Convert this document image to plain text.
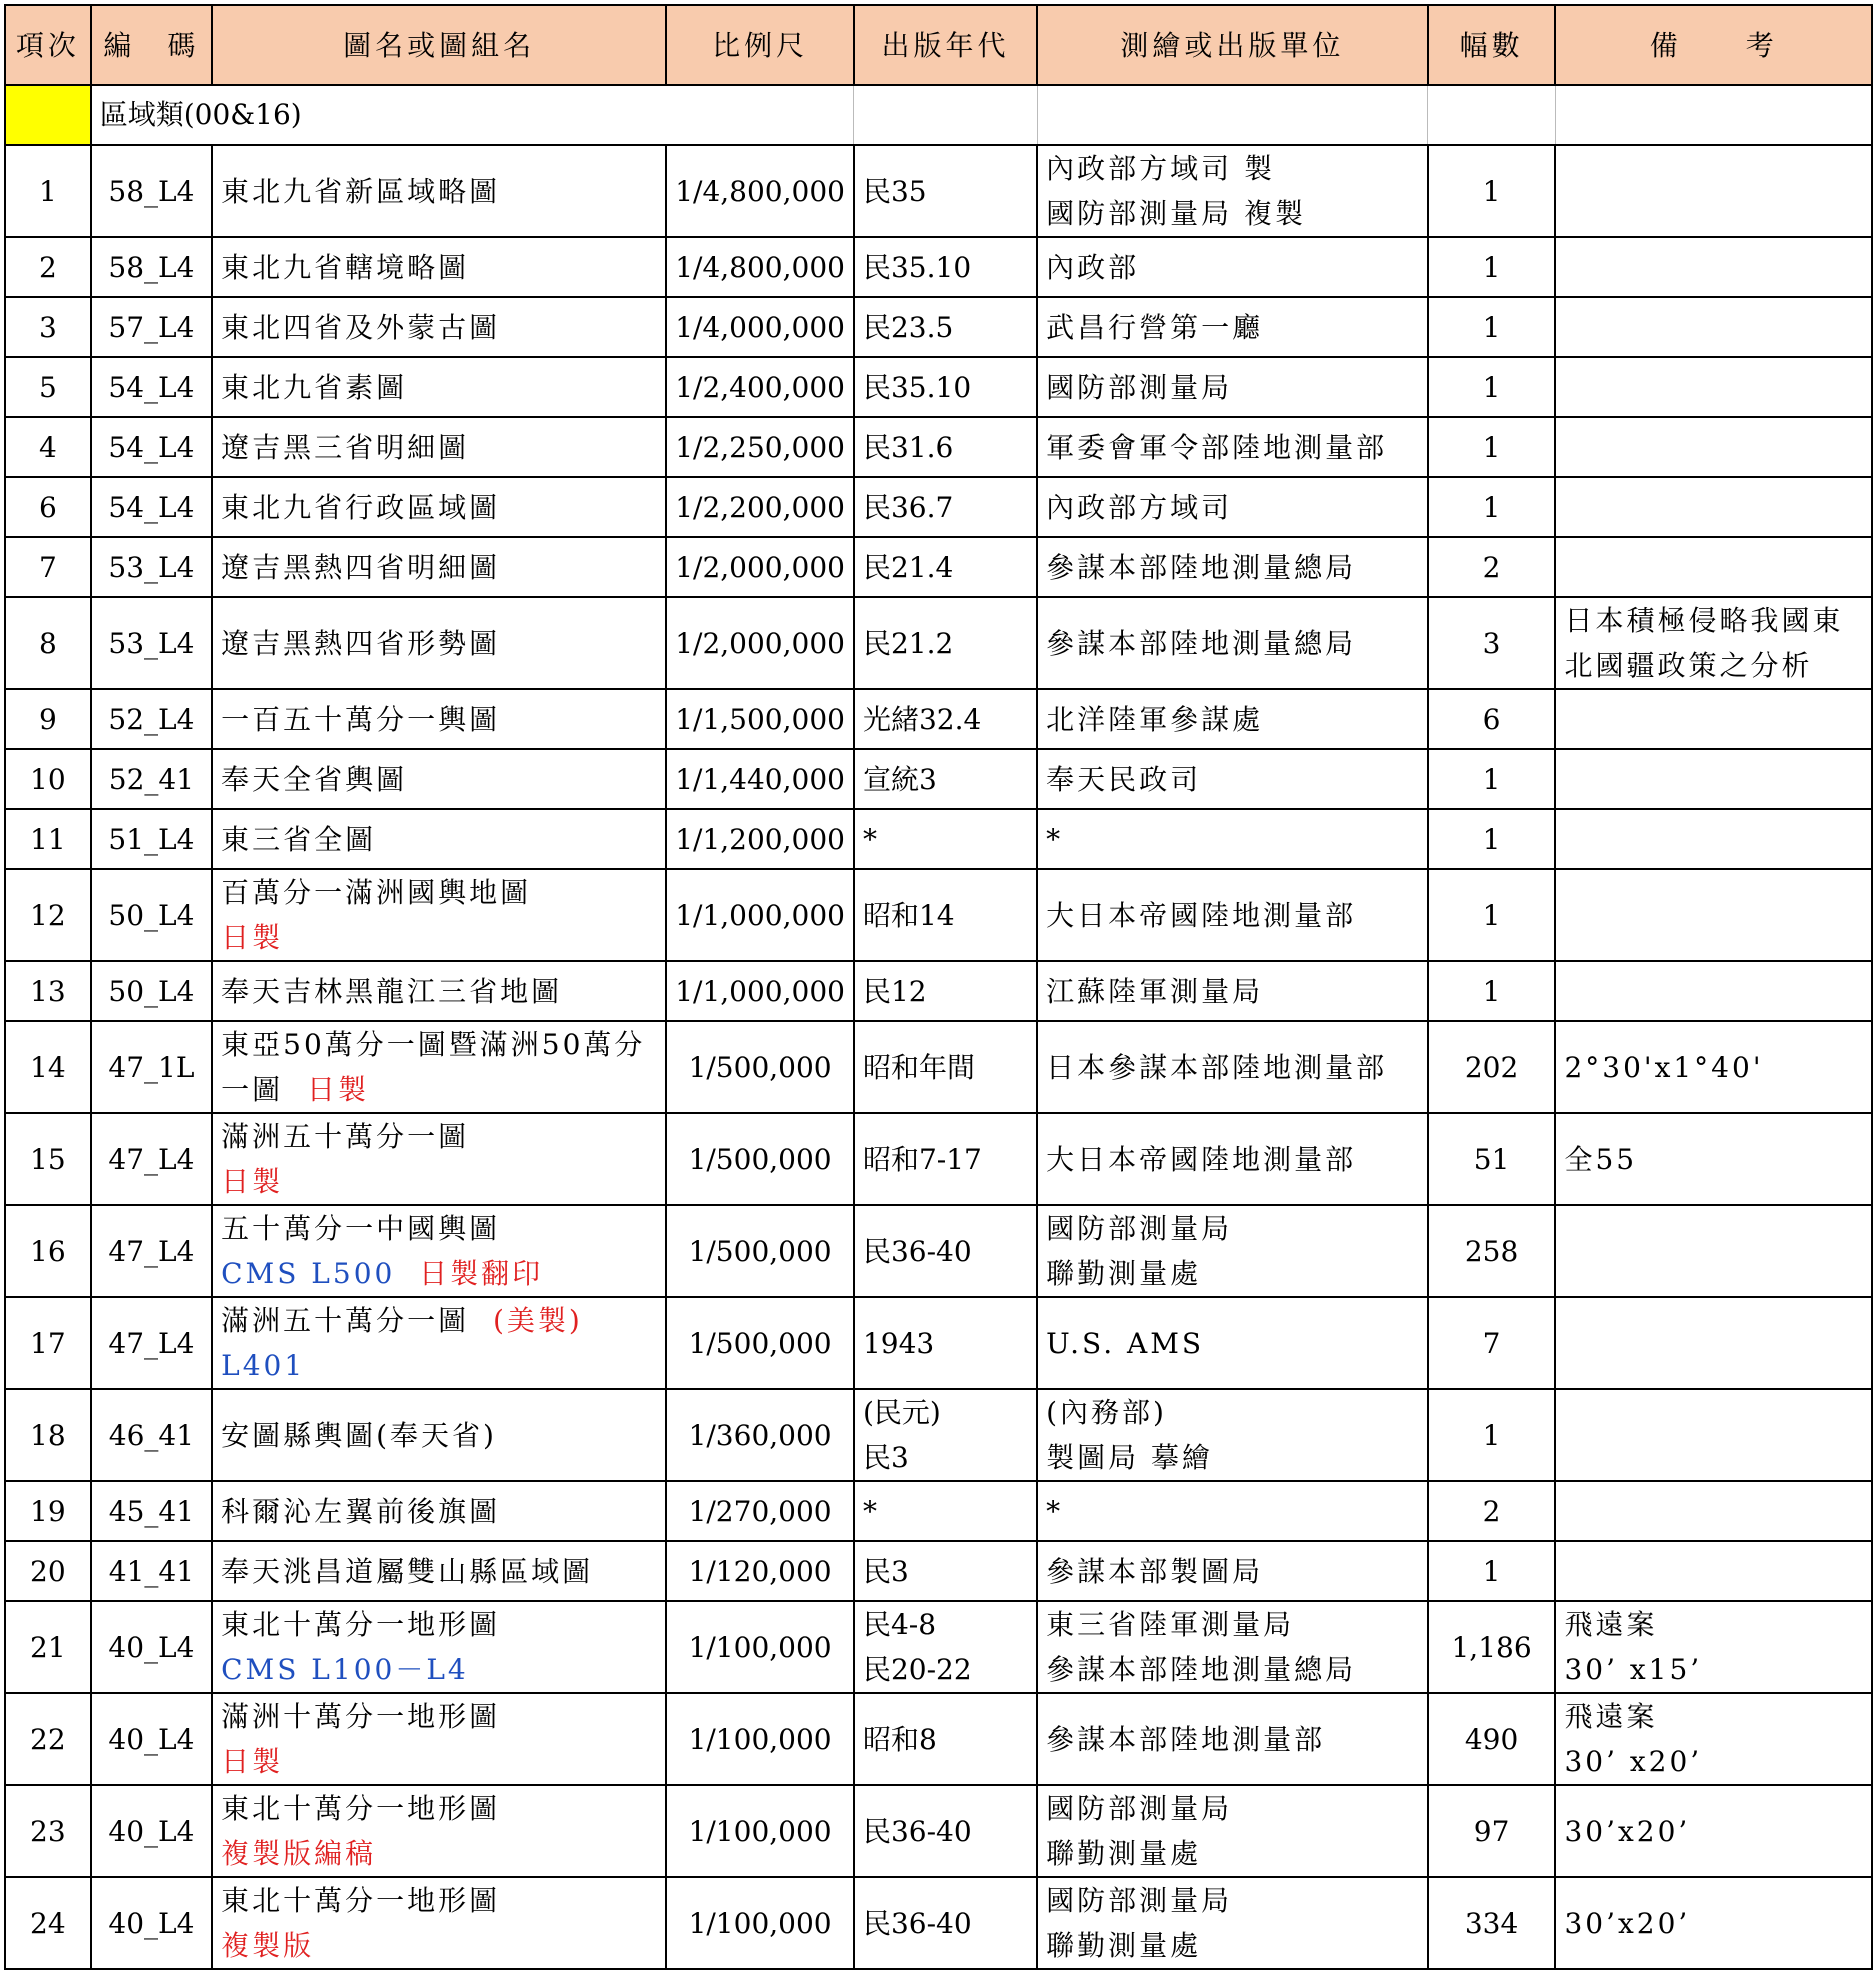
項次	編　碼	圖名或圖組名	比例尺	出版年代	測繪或出版單位	幅數	備　　考
	區域類(00&16)						
1	58_L4	東北九省新區域略圖	1/4,800,000	民35	內政部方域司 製
國防部測量局 複製	1	
2	58_L4	東北九省轄境略圖	1/4,800,000	民35.10	內政部	1	
3	57_L4	東北四省及外蒙古圖	1/4,000,000	民23.5	武昌行營第一廳	1	
5	54_L4	東北九省素圖	1/2,400,000	民35.10	國防部測量局	1	
4	54_L4	遼吉黑三省明細圖	1/2,250,000	民31.6	軍委會軍令部陸地測量部	1	
6	54_L4	東北九省行政區域圖	1/2,200,000	民36.7	內政部方域司	1	
7	53_L4	遼吉黑熱四省明細圖	1/2,000,000	民21.4	參謀本部陸地測量總局	2	
8	53_L4	遼吉黑熱四省形勢圖	1/2,000,000	民21.2	參謀本部陸地測量總局	3	日本積極侵略我國東
北國疆政策之分析

9	52_L4	一百五十萬分一輿圖	1/1,500,000	光緒32.4	北洋陸軍參謀處	6	
10	52_41	奉天全省輿圖	1/1,440,000	宣統3	奉天民政司	1	
11	51_L4	東三省全圖	1/1,200,000	*	*	1	
12	50_L4	百萬分一滿洲國輿地圖
日製	1/1,000,000	昭和14	大日本帝國陸地測量部	1	
13	50_L4	奉天吉林黑龍江三省地圖	1/1,000,000	民12	江蘇陸軍測量局	1	
14	47_1L	東亞50萬分一圖暨滿洲50萬分
一圖 日製	1/500,000	昭和年間	日本參謀本部陸地測量部	202	2°30'x1°40'

15	47_L4	滿洲五十萬分一圖
日製	1/500,000	昭和7-17	大日本帝國陸地測量部	51	全55

16	47_L4	五十萬分一中國輿圖
CMS L500 日製翻印	1/500,000	民36-40	國防部測量局
聯勤測量處	258	
17	47_L4	滿洲五十萬分一圖 (美製)
L401	1/500,000	1943	U.S. AMS	7	
18	46_41	安圖縣輿圖(奉天省)	1/360,000	(民元)
民3	(內務部)
製圖局 摹繪	1	
19	45_41	科爾沁左翼前後旗圖	1/270,000	*	*	2	
20	41_41	奉天洮昌道屬雙山縣區域圖	1/120,000	民3	參謀本部製圖局	1	
21	40_L4	東北十萬分一地形圖
CMS L100－L4	1/100,000	民4-8
民20-22	東三省陸軍測量局
參謀本部陸地測量總局	1,186	飛遠案
30’ x15’

22	40_L4	滿洲十萬分一地形圖
日製	1/100,000	昭和8	參謀本部陸地測量部	490	飛遠案
30’ x20’

23	40_L4	東北十萬分一地形圖
複製版編稿	1/100,000	民36-40	國防部測量局
聯勤測量處	97	30’x20’

24	40_L4	東北十萬分一地形圖
複製版	1/100,000	民36-40	國防部測量局
聯勤測量處	334	30’x20’
